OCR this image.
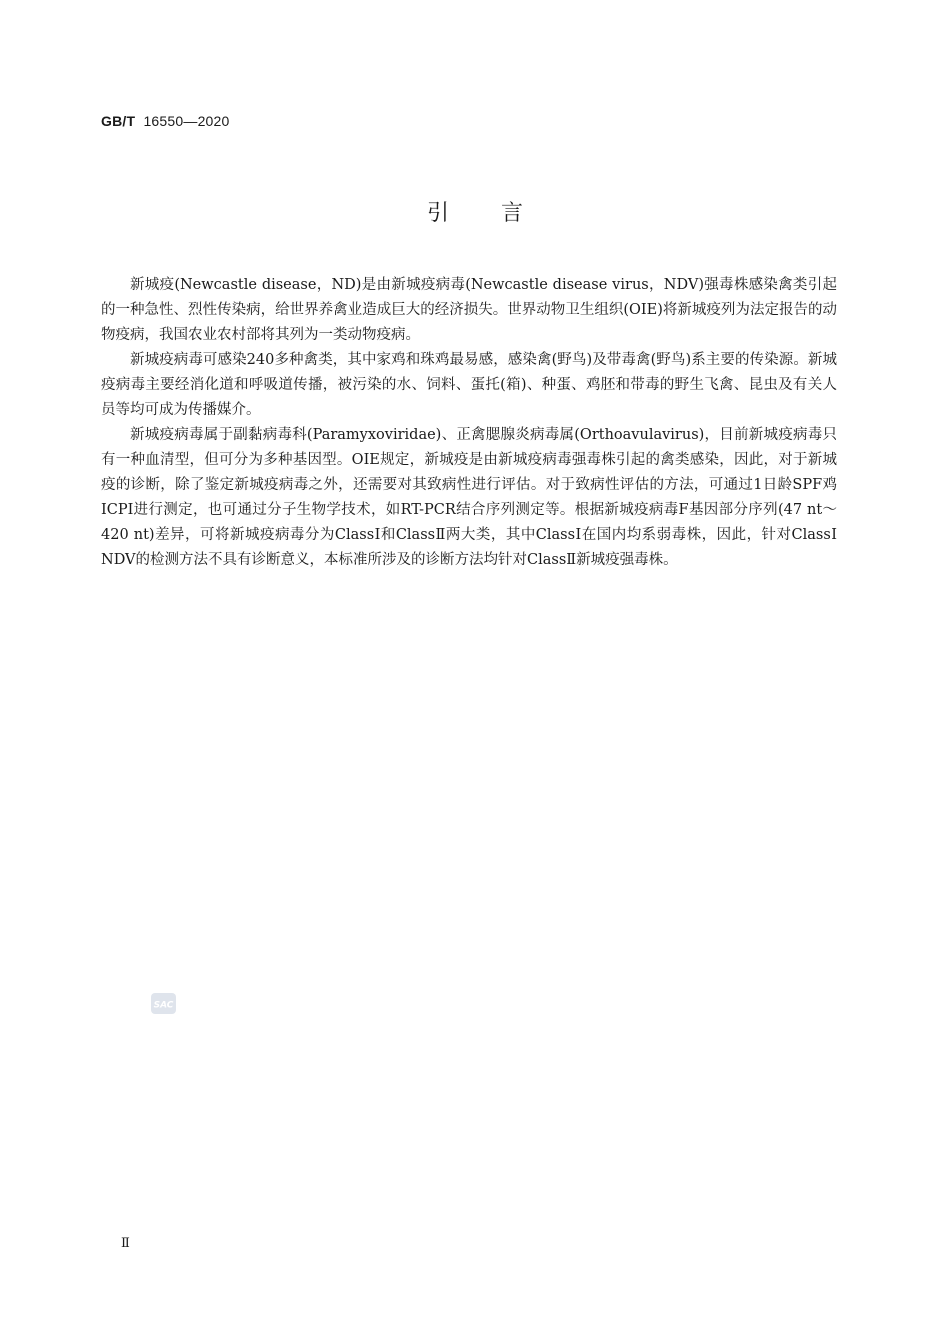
GB/T 16550—2020
引言

新城疫(Newcastle disease，ND)是由新城疫病毒(Newcastle disease virus，NDV)强毒株感染禽类引起的一种急性、烈性传染病，给世界养禽业造成巨大的经济损失。世界动物卫生组织(OIE)将新城疫列为法定报告的动物疫病，我国农业农村部将其列为一类动物疫病。

新城疫病毒可感染240多种禽类，其中家鸡和珠鸡最易感，感染禽(野鸟)及带毒禽(野鸟)系主要的传染源。新城疫病毒主要经消化道和呼吸道传播，被污染的水、饲料、蛋托(箱)、种蛋、鸡胚和带毒的野生飞禽、昆虫及有关人员等均可成为传播媒介。

新城疫病毒属于副黏病毒科(Paramyxoviridae)、正禽腮腺炎病毒属(Orthoavulavirus)，目前新城疫病毒只有一种血清型，但可分为多种基因型。OIE规定，新城疫是由新城疫病毒强毒株引起的禽类感染，因此，对于新城疫的诊断，除了鉴定新城疫病毒之外，还需要对其致病性进行评估。对于致病性评估的方法，可通过1日龄SPF鸡ICPI进行测定，也可通过分子生物学技术，如RT-PCR结合序列测定等。根据新城疫病毒F基因部分序列(47 nt～420 nt)差异，可将新城疫病毒分为ClassⅠ和ClassⅡ两大类，其中ClassⅠ在国内均系弱毒株，因此，针对ClassⅠ NDV的检测方法不具有诊断意义，本标准所涉及的诊断方法均针对ClassⅡ新城疫强毒株。

SAC
Ⅱ
